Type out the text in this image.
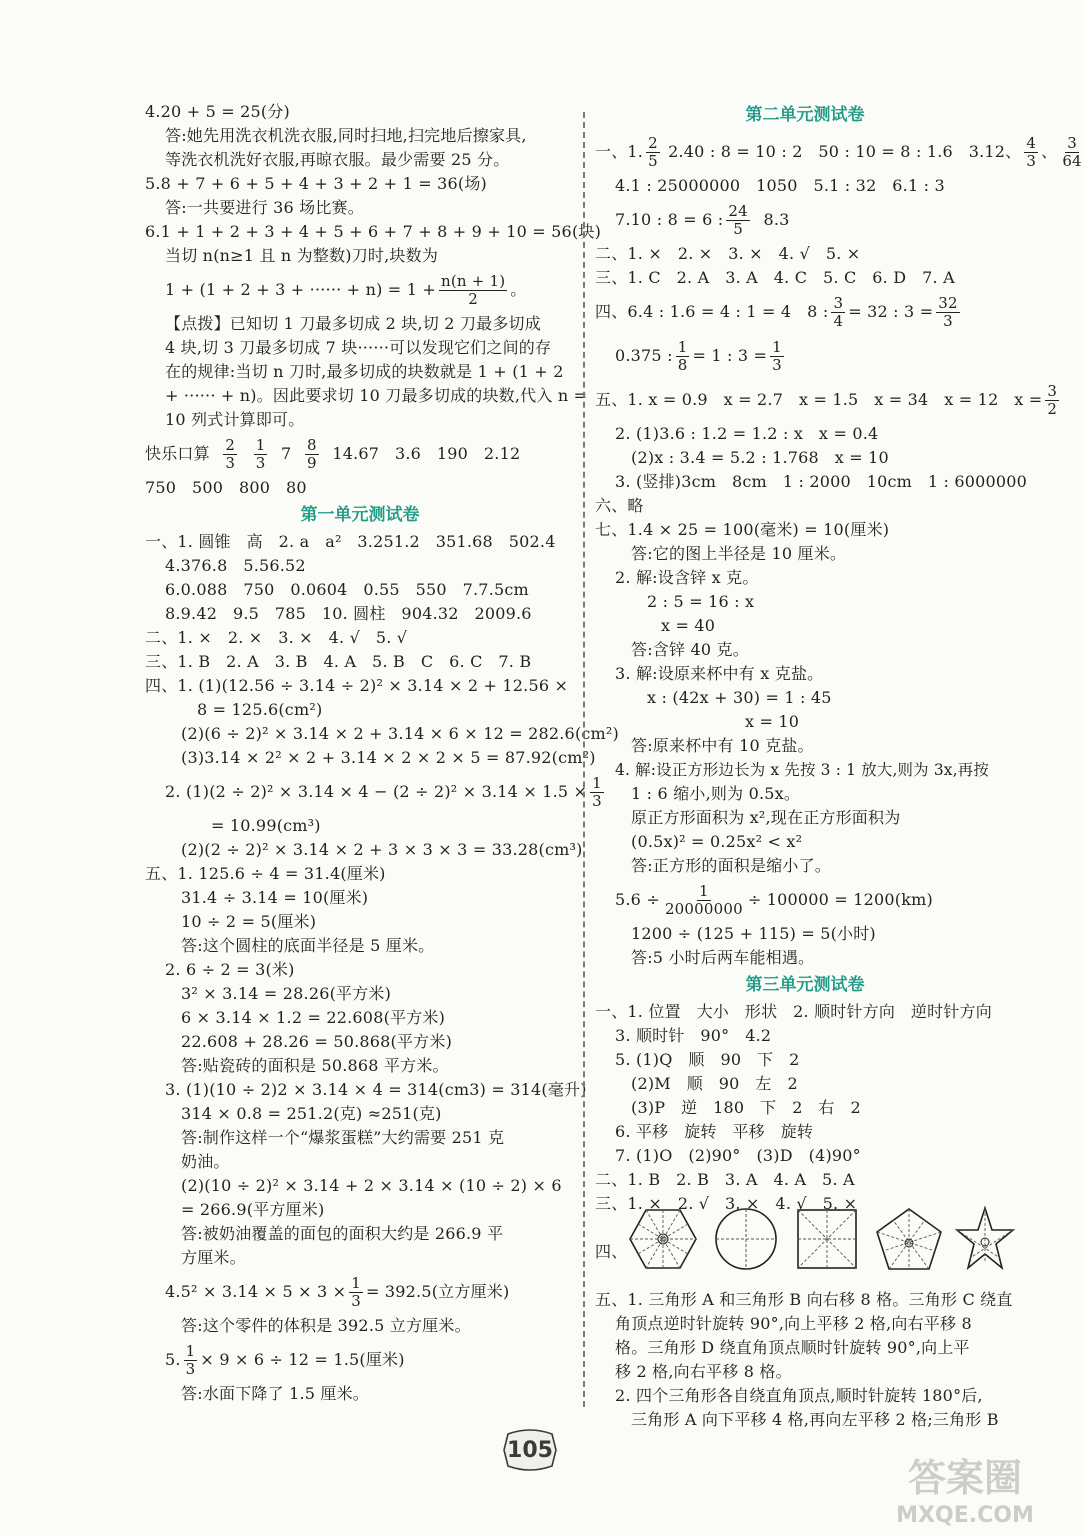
4.20 + 5 = 25(分)
答:她先用洗衣机洗衣服,同时扫地,扫完地后擦家具,
等洗衣机洗好衣服,再晾衣服。最少需要 25 分。
5.8 + 7 + 6 + 5 + 4 + 3 + 2 + 1 = 36(场)
答:一共要进行 36 场比赛。
6.1 + 1 + 2 + 3 + 4 + 5 + 6 + 7 + 8 + 9 + 10 = 56(块)
当切 n(n≥1 且 n 为整数)刀时,块数为
1 + (1 + 2 + 3 + ······ + $n) = 1 + \frac{n(n + 1)}{2}$ 。
【点拨】已知切 1 刀最多切成 2 块,切 2 刀最多切成
4 块,切 3 刀最多切成 7 块······可以发现它们之间的存
在的规律:当切 n 刀时,最多切成的块数就是 1 + (1 + 2
+ ······ + n)。因此要求切 10 刀最多切成的块数,代入 n =
10 列式计算即可。
快乐口算
$\frac{2}{3}$
$\frac{1}{3}$
7
$\frac{8}{9}$
14.67   3.6   190   2.12
750   500   800   80
第一单元测试卷
一、1. 圆锥   高   2. a   a²   3.251.2   351.68   502.4
4.376.8   5.56.52
6.0.088   750   0.0604   0.55   550   7.7.5cm
8.9.42   9.5   785   10. 圆柱   904.32   2009.6
二、1. ×   2. ×   3. ×   4. √   5. √
三、1. B   2. A   3. B   4. A   5. B   C   6. C   7. B
四、1. (1)(12.56 ÷ 3.14 ÷ 2)² × 3.14 × 2 + 12.56 ×
8 = 125.6(cm²)
(2)(6 ÷ 2)² × 3.14 × 2 + 3.14 × 6 × 12 = 282.6(cm²)
(3)3.14 × 2² × 2 + 3.14 × 2 × 2 × 5 = 87.92(cm²)
2. $(1)(2 \div 2)^2 \times 3.14 \times 4 - (2 \div 2)^2 \times 3.14 \times 1.5 \times \frac{1}{3}$
= 10.99(cm³)
(2)(2 ÷ 2)² × 3.14 × 2 + 3 × 3 × 3 = 33.28(cm³)
五、1. 125.6 ÷ 4 = 31.4(厘米)
31.4 ÷ 3.14 = 10(厘米)
10 ÷ 2 = 5(厘米)
答:这个圆柱的底面半径是 5 厘米。
2. 6 ÷ 2 = 3(米)
3² × 3.14 = 28.26(平方米)
6 × 3.14 × 1.2 = 22.608(平方米)
22.608 + 28.26 = 50.868(平方米)
答:贴瓷砖的面积是 50.868 平方米。
3. (1)(10 ÷ 2)2 × 3.14 × 4 = 314(cm3) = 314(毫升)
314 × 0.8 = 251.2(克) ≈251(克)
答:制作这样一个“爆浆蛋糕”大约需要 251 克
奶油。
(2)(10 ÷ 2)² × 3.14 + 2 × 3.14 × (10 ÷ 2) × 6
= 266.9(平方厘米)
答:被奶油覆盖的面包的面积大约是 266.9 平
方厘米。
$4.5^2 \times 3.14 \times 5 \times 3 \times \frac{1}{3} = 392.5$(立方厘米)
答:这个零件的体积是 392.5 立方厘米。
5. $\frac{1}{3} \times 9 \times 6 \div 12 = 1.5$(厘米)
答:水面下降了 1.5 厘米。
第二单元测试卷
一、1. $\frac{2}{5}$
2.40 : 8 = 10 : 2   50 : 10 = 8 : 1.6   3.12、 $\frac{4}{3}$ 、 $\frac{3}{64}$
4.1 : 25000000   1050   5.1 : 32   6.1 : 3
7.10 : 8 = 6 : $\frac{24}{5}$
8.3
二、1. ×   2. ×   3. ×   4. √   5. ×
三、1. C   2. A   3. A   4. C   5. C   6. D   7. A
四、6.4 : 1.6 = 4 : 1 = 4   8 : $\frac{3}{4} = 32$ : $3 = \frac{32}{3}$
0.375 : $\frac{1}{8} = 1$ : $3 = \frac{1}{3}$
五、1. x = 0.9   x = 2.7   x = 1.5   x = 34   x = 12   $x = \frac{3}{2}$
2. (1)3.6 : 1.2 = 1.2 : x   x = 0.4
(2)x : 3.4 = 5.2 : 1.768   x = 10
3. (竖排)3cm   8cm   1 : 2000   10cm   1 : 6000000
六、略
七、1.4 × 25 = 100(毫米) = 10(厘米)
答:它的图上半径是 10 厘米。
2. 解:设含锌 x 克。
2 : 5 = 16 : x
x = 40
答:含锌 40 克。
3. 解:设原来杯中有 x 克盐。
x : (42x + 30) = 1 : 45
x = 10
答:原来杯中有 10 克盐。
4. 解:设正方形边长为 x 先按 3 : 1 放大,则为 3x,再按
1 : 6 缩小,则为 0.5x。
原正方形面积为 x²,现在正方形面积为
(0.5x)² = 0.25x² < x²
答:正方形的面积是缩小了。
$5.6 \div \frac{1}{20000000} \div 100000 = 1200(km)$
1200 ÷ (125 + 115) = 5(小时)
答:5 小时后两车能相遇。
第三单元测试卷
一、1. 位置   大小   形状   2. 顺时针方向   逆时针方向
3. 顺时针   90°   4.2
5. (1)Q   顺   90   下   2
(2)M   顺   90   左   2
(3)P   逆   180   下   2   右   2
6. 平移   旋转   平移   旋转
7. (1)O   (2)90°   (3)D   (4)90°
二、1. B   2. B   3. A   4. A   5. A
三、1. ×   2. √   3. ×   4. √   5. ×
四、
五、1. 三角形 A 和三角形 B 向右移 8 格。三角形 C 绕直
角顶点逆时针旋转 90°,向上平移 2 格,向右平移 8
格。三角形 D 绕直角顶点顺时针旋转 90°,向上平
移 2 格,向右平移 8 格。
2. 四个三角形各自绕直角顶点,顺时针旋转 180°后,
三角形 A 向下平移 4 格,再向左平移 2 格;三角形 B
105
答案圈
MXQE.COM
